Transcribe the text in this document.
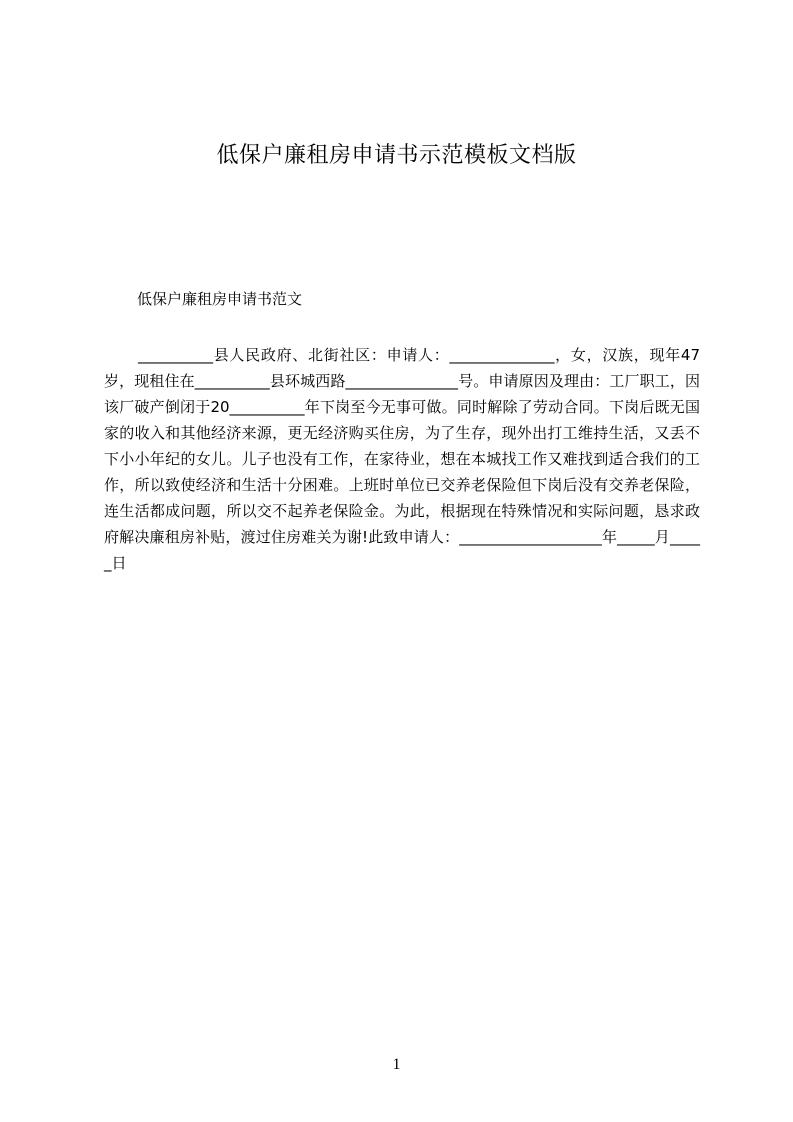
低保户廉租房申请书示范模板文档版
低保户廉租房申请书范文
__________县人民政府、北街社区：申请人：______________，女，汉族，现年47岁，现租住在__________县环城西路_______________号。申请原因及理由：工厂职工，因该厂破产倒闭于20__________年下岗至今无事可做。同时解除了劳动合同。下岗后既无国家的收入和其他经济来源，更无经济购买住房，为了生存，现外出打工维持生活，又丢不下小小年纪的女儿。儿子也没有工作，在家待业，想在本城找工作又难找到适合我们的工作，所以致使经济和生活十分困难。上班时单位已交养老保险但下岗后没有交养老保险，连生活都成问题，所以交不起养老保险金。为此，根据现在特殊情况和实际问题，恳求政府解决廉租房补贴，渡过住房难关为谢!此致申请人：___________________年_____月_____日
1
